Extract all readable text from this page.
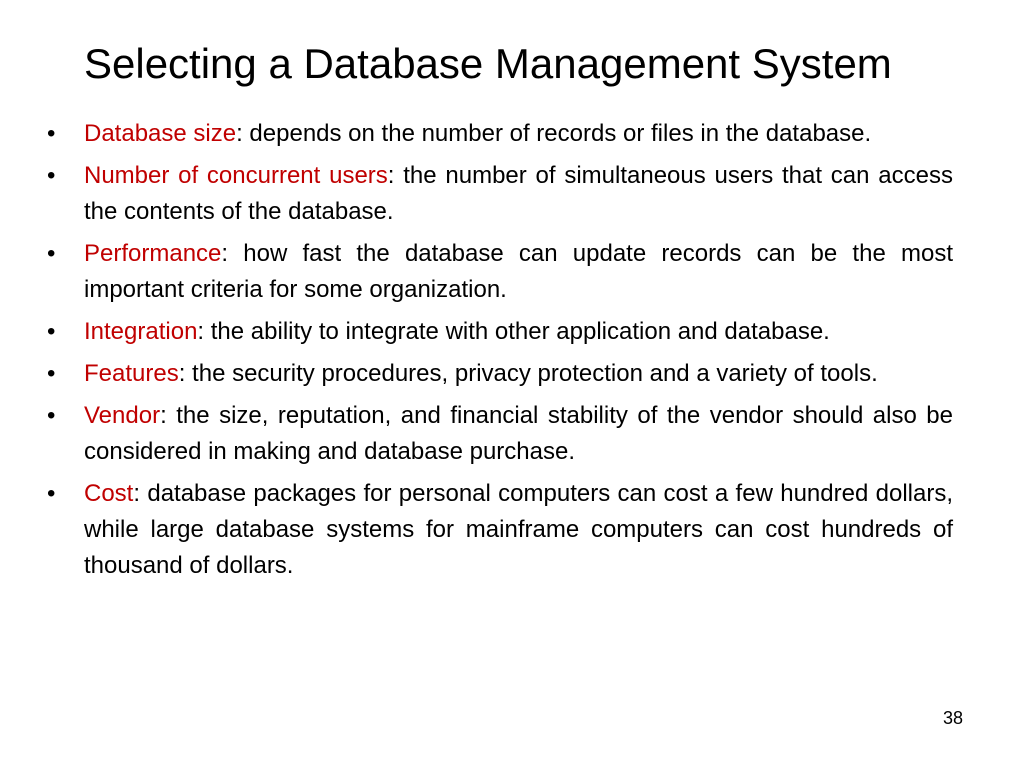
Selecting a Database Management System
• Database size: depends on the number of records or files in the database.
• Number of concurrent users: the number of simultaneous users that can access the contents of the database.
• Performance: how fast the database can update records can be the most important criteria for some organization.
• Integration: the ability to integrate with other application and database.
• Features: the security procedures, privacy protection and a variety of tools.
• Vendor: the size, reputation, and financial stability of the vendor should also be considered in making and database purchase.
• Cost: database packages for personal computers can cost a few hundred dollars, while large database systems for mainframe computers can cost hundreds of thousand of dollars.
38
